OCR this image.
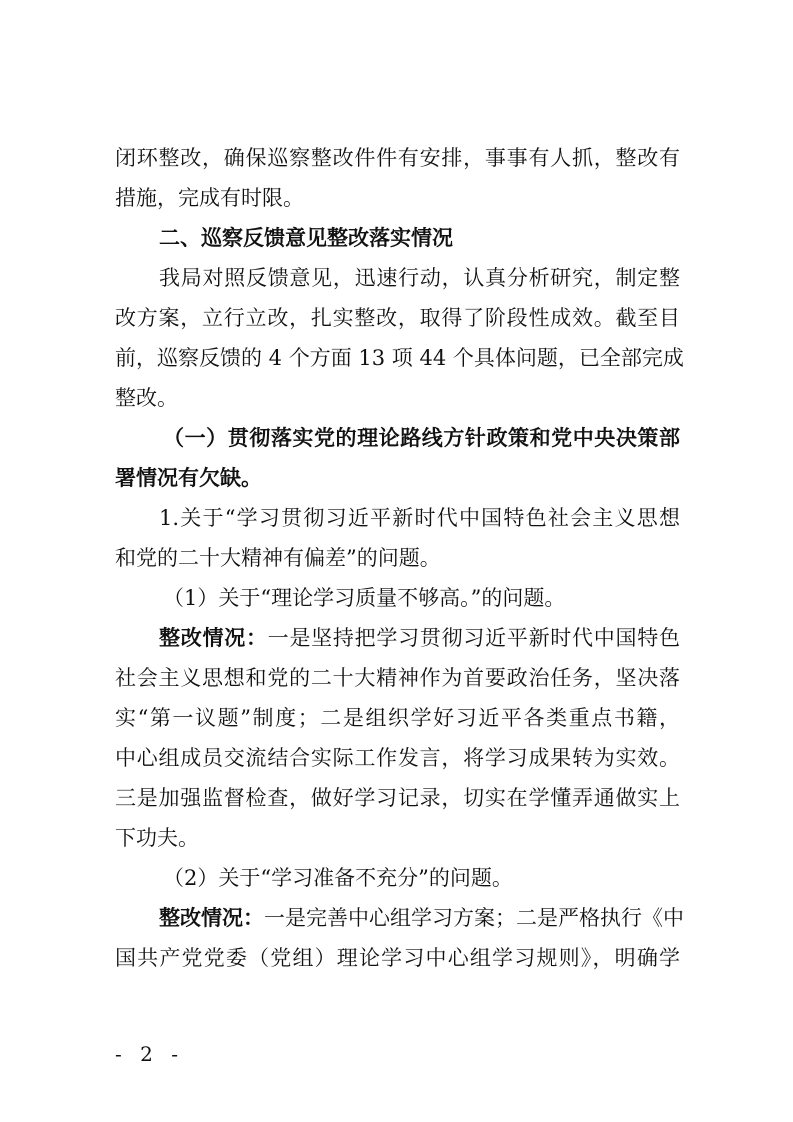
闭环整改，确保巡察整改件件有安排，事事有人抓，整改有
措施，完成有时限。
二、巡察反馈意见整改落实情况
我局对照反馈意见，迅速行动，认真分析研究，制定整
改方案，立行立改，扎实整改，取得了阶段性成效。截至目
前，巡察反馈的 4 个方面 13 项 44 个具体问题，已全部完成
整改。
（一）贯彻落实党的理论路线方针政策和党中央决策部
署情况有欠缺。
1.关于“学习贯彻习近平新时代中国特色社会主义思想
和党的二十大精神有偏差”的问题。
（1）关于“理论学习质量不够高。”的问题。
整改情况：一是坚持把学习贯彻习近平新时代中国特色
社会主义思想和党的二十大精神作为首要政治任务，坚决落
实“第一议题”制度；二是组织学好习近平各类重点书籍，
中心组成员交流结合实际工作发言，将学习成果转为实效。
三是加强监督检查，做好学习记录，切实在学懂弄通做实上
下功夫。
（2）关于“学习准备不充分”的问题。
整改情况：一是完善中心组学习方案；二是严格执行《中
国共产党党委（党组）理论学习中心组学习规则》，明确学
- 2 -
